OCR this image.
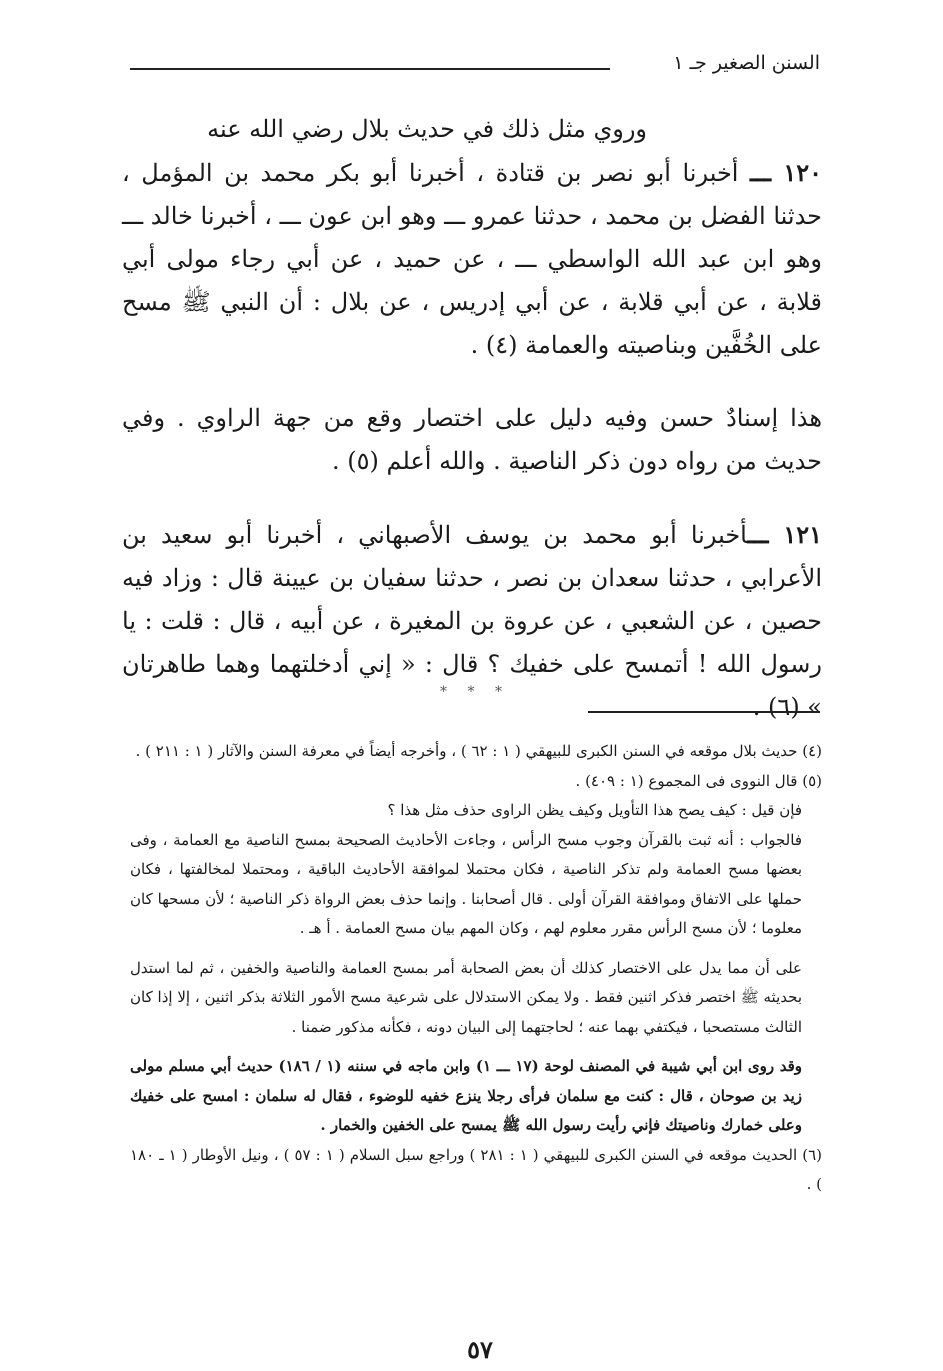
السنن الصغير جـ ١

وروي مثل ذلك في حديث بلال رضي الله عنه

١٢٠ ـــ أخبرنا أبو نصر بن قتادة ، أخبرنا أبو بكر محمد بن المؤمل ، حدثنا الفضل بن محمد ، حدثنا عمرو ـــ وهو ابن عون ـــ ، أخبرنا خالد ـــ وهو ابن عبد الله الواسطي ـــ ، عن حميد ، عن أبي رجاء مولى أبي قلابة ، عن أبي قلابة ، عن أبي إدريس ، عن بلال : أن النبي ﷺ مسح على الخُفَّين وبناصيته والعمامة (٤) .

هذا إسنادٌ حسن وفيه دليل على اختصار وقع من جهة الراوي . وفي حديث من رواه دون ذكر الناصية . والله أعلم (٥) .

١٢١ ـــأخبرنا أبو محمد بن يوسف الأصبهاني ، أخبرنا أبو سعيد بن الأعرابي ، حدثنا سعدان بن نصر ، حدثنا سفيان بن عيينة قال : وزاد فيه حصين ، عن الشعبي ، عن عروة بن المغيرة ، عن أبيه ، قال : قلت : يا رسول الله ! أتمسح على خفيك ؟ قال : « إني أدخلتهما وهما طاهرتان » (٦) .

* * *

(٤) حديث بلال موقعه في السنن الكبرى للبيهقي ( ١ : ٦٢ ) ، وأخرجه أيضاً في معرفة السنن والآثار ( ١ : ٢١١ ) .

(٥) قال النووى فى المجموع (١ : ٤٠٩) .

فإن قيل : كيف يصح هذا التأويل وكيف يظن الراوى حذف مثل هذا ؟

فالجواب : أنه ثبت بالقرآن وجوب مسح الرأس ، وجاءت الأحاديث الصحيحة بمسح الناصية مع العمامة ، وفى بعضها مسح العمامة ولم تذكر الناصية ، فكان محتملا لموافقة الأحاديث الباقية ، ومحتملا لمخالفتها ، فكان حملها على الاتفاق وموافقة القرآن أولى . قال أصحابنا . وإنما حذف بعض الرواة ذكر الناصية ؛ لأن مسحها كان معلوما ؛ لأن مسح الرأس مقرر معلوم لهم ، وكان المهم بيان مسح العمامة . أ هـ .

على أن مما يدل على الاختصار كذلك أن بعض الصحابة أمر بمسح العمامة والناصية والخفين ، ثم لما استدل بحديثه ﷺ اختصر فذكر اثنين فقط . ولا يمكن الاستدلال على شرعية مسح الأمور الثلاثة بذكر اثنين ، إلا إذا كان الثالث مستصحبا ، فيكتفي بهما عنه ؛ لحاجتهما إلى البيان دونه ، فكأنه مذكور ضمنا .

وقد روى ابن أبي شيبة في المصنف لوحة (١٧ ـــ ١) وابن ماجه في سننه (١ / ١٨٦) حديث أبي مسلم مولى زيد بن صوحان ، قال : كنت مع سلمان فرأى رجلا ينزع خفيه للوضوء ، فقال له سلمان : امسح على خفيك وعلى خمارك وناصيتك فإني رأيت رسول الله ﷺ يمسح على الخفين والخمار .

(٦) الحديث موقعه في السنن الكبرى للبيهقي ( ١ : ٢٨١ ) وراجع سبل السلام ( ١ : ٥٧ ) ، ونيل الأوطار ( ١ ـ ١٨٠ ) .

٥٧
